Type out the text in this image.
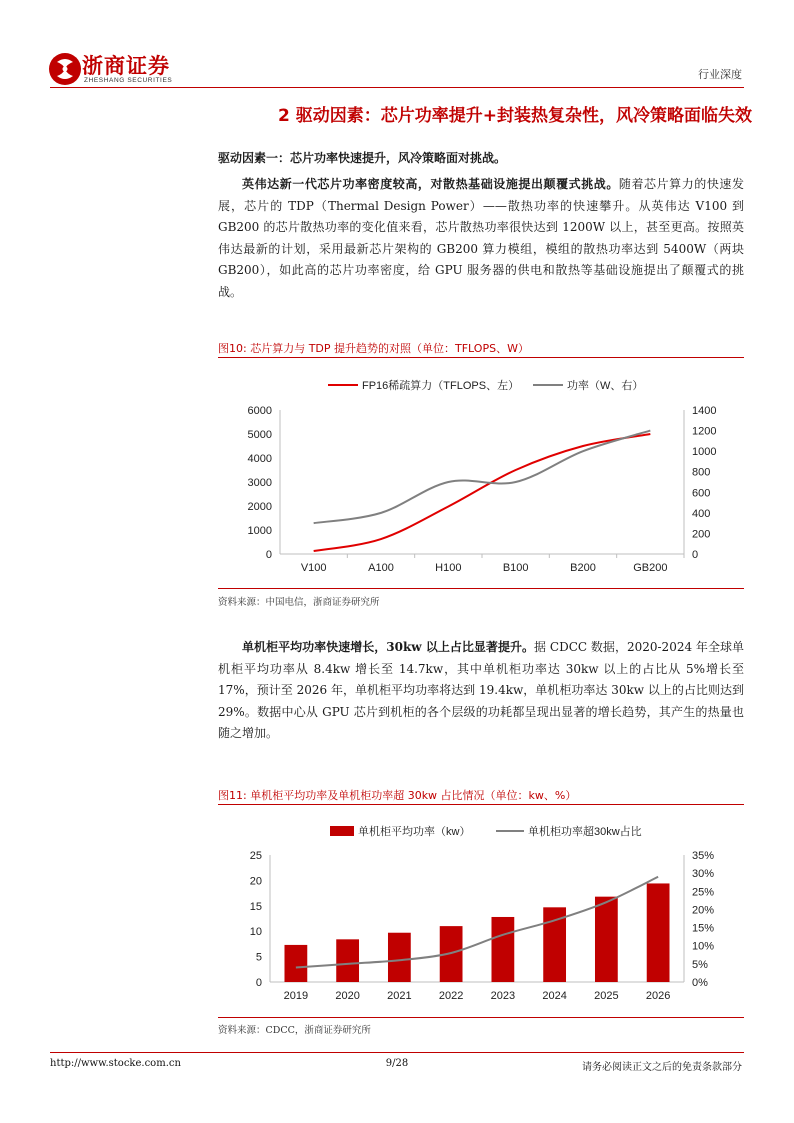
浙商证券
ZHESHANG SECURITIES	行业深度
2 驱动因素：芯片功率提升+封装热复杂性，风冷策略面临失效
驱动因素一：芯片功率快速提升，风冷策略面对挑战。
英伟达新一代芯片功率密度较高，对散热基础设施提出颠覆式挑战。随着芯片算力的快速发展，芯片的 TDP（Thermal Design Power）——散热功率的快速攀升。从英伟达 V100 到 GB200 的芯片散热功率的变化值来看，芯片散热功率很快达到 1200W 以上，甚至更高。按照英伟达最新的计划，采用最新芯片架构的 GB200 算力模组，模组的散热功率达到 5400W（两块 GB200），如此高的芯片功率密度，给 GPU 服务器的供电和散热等基础设施提出了颠覆式的挑战。
图10: 芯片算力与 TDP 提升趋势的对照（单位：TFLOPS、W）
FP16稀疏算力（TFLOPS、左）	功率（W、右）
0
1000
2000
3000
4000
5000
6000
0
200
400
600
800
1000
1200
1400
V100	A100	H100	B100	B200	GB200
资料来源：中国电信，浙商证券研究所
单机柜平均功率快速增长，30kw 以上占比显著提升。据 CDCC 数据，2020-2024 年全球单机柜平均功率从 8.4kw 增长至 14.7kw，其中单机柜功率达 30kw 以上的占比从 5%增长至 17%，预计至 2026 年，单机柜平均功率将达到 19.4kw，单机柜功率达 30kw 以上的占比则达到 29%。数据中心从 GPU 芯片到机柜的各个层级的功耗都呈现出显著的增长趋势，其产生的热量也随之增加。
图11: 单机柜平均功率及单机柜功率超 30kw 占比情况（单位：kw、%）
单机柜平均功率（kw）	单机柜功率超30kw占比
0
5
10
15
20
25
0%
5%
10%
15%
20%
25%
30%
35%
2019 2020 2021 2022 2023 2024 2025 2026
资料来源：CDCC，浙商证券研究所
http://www.stocke.com.cn	9/28	请务必阅读正文之后的免责条款部分
